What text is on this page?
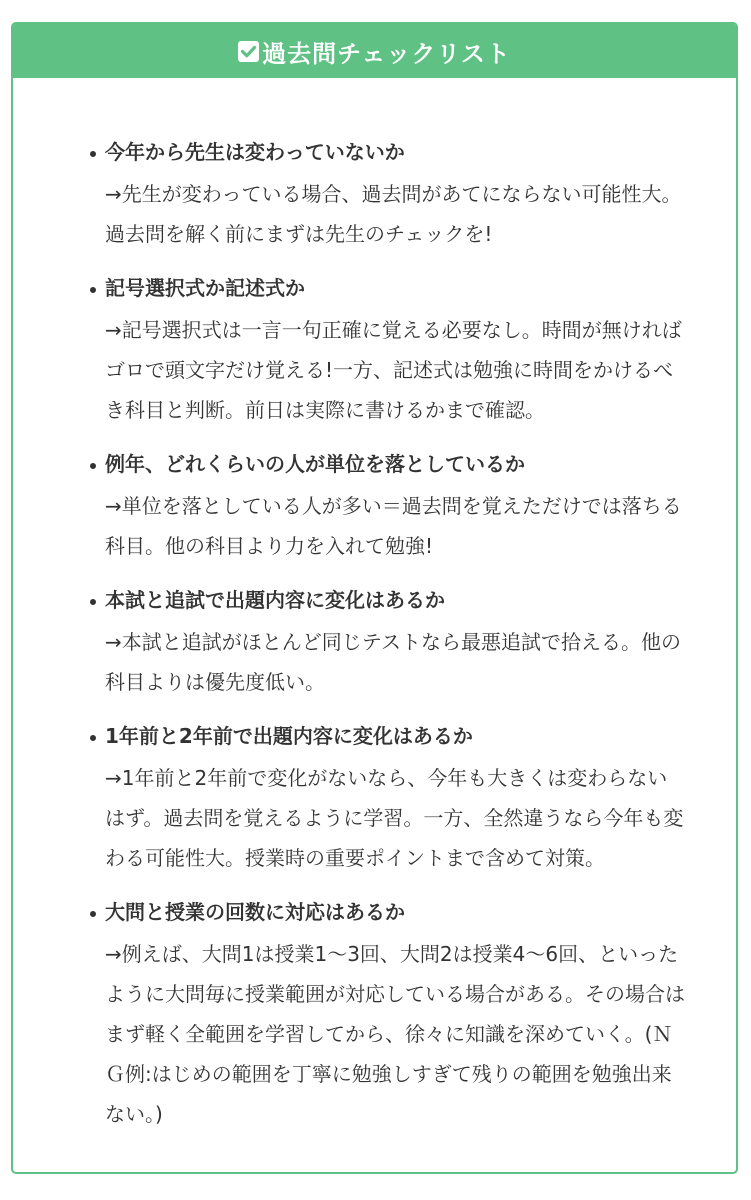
過去問チェックリスト

今年から先生は変わっていないか

→先生が変わっている場合、過去問があてにならない可能性大。過去問を解く前にまずは先生のチェックを!

記号選択式か記述式か

→記号選択式は一言一句正確に覚える必要なし。時間が無ければゴロで頭文字だけ覚える!一方、記述式は勉強に時間をかけるべき科目と判断。前日は実際に書けるかまで確認。

例年、どれくらいの人が単位を落としているか

→単位を落としている人が多い＝過去問を覚えただけでは落ちる科目。他の科目より力を入れて勉強!

本試と追試で出題内容に変化はあるか

→本試と追試がほとんど同じテストなら最悪追試で拾える。他の科目よりは優先度低い。

1年前と2年前で出題内容に変化はあるか

→1年前と2年前で変化がないなら、今年も大きくは変わらないはず。過去問を覚えるように学習。一方、全然違うなら今年も変わる可能性大。授業時の重要ポイントまで含めて対策。

大問と授業の回数に対応はあるか

→例えば、大問1は授業1〜3回、大問2は授業4〜6回、といったように大問毎に授業範囲が対応している場合がある。その場合はまず軽く全範囲を学習してから、徐々に知識を深めていく。(ＮＧ例:はじめの範囲を丁寧に勉強しすぎて残りの範囲を勉強出来ない。)
